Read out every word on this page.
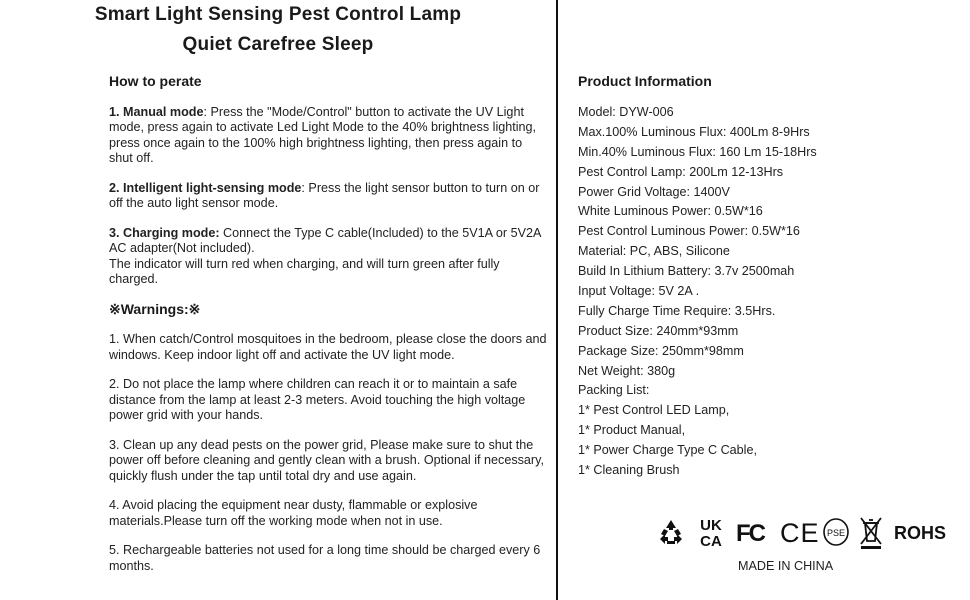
Smart Light Sensing Pest Control Lamp
Quiet Carefree Sleep
How to perate

1. Manual mode: Press the "Mode/Control" button to activate the UV Light mode, press again to activate Led Light Mode to the 40% brightness lighting, press once again to the 100% high brightness lighting, then press again to shut off.

2. Intelligent light-sensing mode: Press the light sensor button to turn on or off the auto light sensor mode.

3. Charging mode: Connect the Type C cable(Included) to the 5V1A or 5V2A AC adapter(Not included).
The indicator will turn red when charging, and will turn green after fully charged.

※Warnings:※

1. When catch/Control mosquitoes in the bedroom, please close the doors and windows. Keep indoor light off and activate the UV light mode.

2. Do not place the lamp where children can reach it or to maintain a safe distance from the lamp at least 2-3 meters. Avoid touching the high voltage power grid with your hands.

3. Clean up any dead pests on the power grid, Please make sure to shut the power off before cleaning and gently clean with a brush. Optional if necessary, quickly flush under the tap until total dry and use again.

4. Avoid placing the equipment near dusty, flammable or explosive materials.Please turn off the working mode when not in use.

5. Rechargeable batteries not used for a long time should be charged every 6 months.

Product Information
Model: DYW-006
Max.100% Luminous Flux: 400Lm 8-9Hrs
Min.40% Luminous Flux: 160 Lm 15-18Hrs
Pest Control Lamp: 200Lm 12-13Hrs
Power Grid Voltage: 1400V
White Luminous Power: 0.5W*16
Pest Control Luminous Power: 0.5W*16
Material: PC, ABS, Silicone
Build In Lithium Battery: 3.7v 2500mah
Input Voltage: 5V 2A .
Fully Charge Time Require: 3.5Hrs.
Product Size: 240mm*93mm
Package Size: 250mm*98mm
Net Weight: 380g
Packing List:
1* Pest Control LED Lamp,
1* Product Manual,
1* Power Charge Type C Cable,
1* Cleaning Brush
UK
CA FC CE PSE	ROHS
MADE IN CHINA
